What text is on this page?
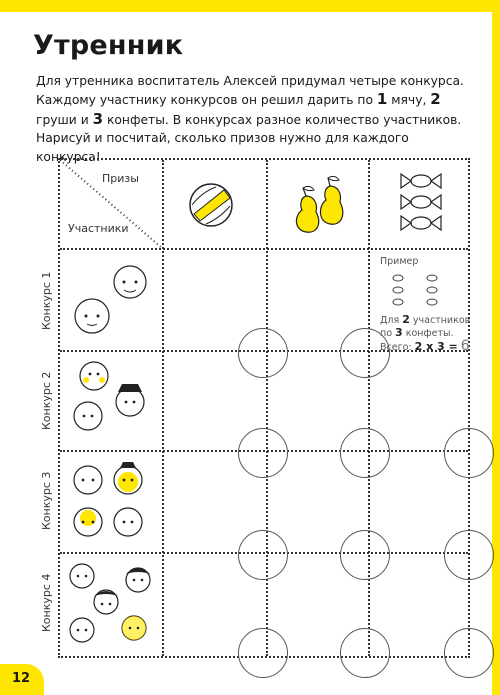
Утренник
Для утренника воспитатель Алексей придумал четыре конкурса. Каждому участнику конкурсов он решил дарить по 1 мячу, 2 груши и 3 конфеты. В конкурсах разное количество участников. Нарисуй и посчитай, сколько призов нужно для каждого конкурса!
Призы
Участники
Конкурс 1
Конкурс 2
Конкурс 3
Конкурс 4
Пример
Для 2 участников
по 3 конфеты.
Всего: 2 х 3 = 6
12
